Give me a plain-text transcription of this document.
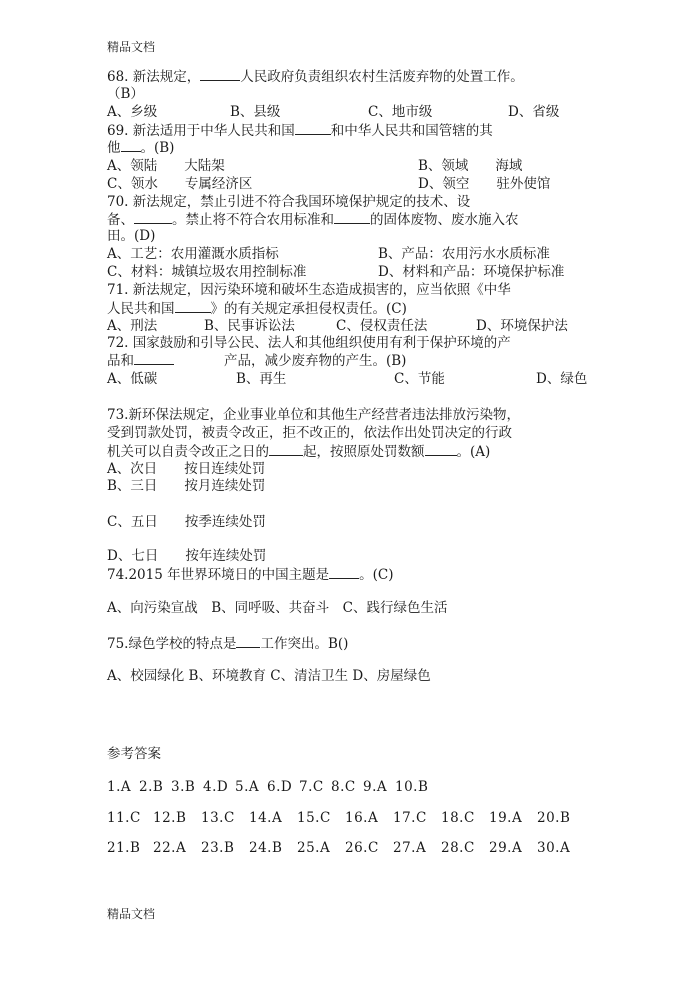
精品文档
68. 新法规定，	人民政府负责组织农村生活废弃物的处置工作。
（B）
A、乡级	B、县级	C、地市级	D、省级
69. 新法适用于中华人民共和国	和中华人民共和国管辖的其
他 。(B)
A、领陆　　大陆架	B、领域　　海域
C、领水　　专属经济区	D、领空　　驻外使馆
70. 新法规定，禁止引进不符合我国环境保护规定的技术、设
备、	。禁止将不符合农用标准和	的固体废物、废水施入农
田。(D)
A、工艺：农用灌溉水质指标	B、产品：农用污水水质标准
C、材料：城镇垃圾农用控制标准	D、材料和产品：环境保护标准
71. 新法规定，因污染环境和破坏生态造成损害的，应当依照《中华
人民共和国	》的有关规定承担侵权责任。(C)
A、刑法	B、民事诉讼法	C、侵权责任法	D、环境保护法
72. 国家鼓励和引导公民、法人和其他组织使用有利于保护环境的产
品和	产品，减少废弃物的产生。(B)
A、低碳	B、再生	C、节能	D、绿色
73.新环保法规定，企业事业单位和其他生产经营者违法排放污染物，
受到罚款处罚，被责令改正，拒不改正的，依法作出处罚决定的行政
机关可以自责令改正之日的	起，按照原处罚数额 。(A)
A、次日　　按日连续处罚
B、三日　　按月连续处罚
C、五日　　按季连续处罚
D、七日　　按年连续处罚
74.2015 年世界环境日的中国主题是 。(C)
A、向污染宣战　B、同呼吸、共奋斗　C、践行绿色生活
75.绿色学校的特点是 工作突出。B()
A、校园绿化 B、环境教育 C、清洁卫生 D、房屋绿色
参考答案
1.A 2.B 3.B 4.D 5.A 6.D 7.C 8.C 9.A 10.B
11.C 12.B 13.C 14.A 15.C 16.A 17.C 18.C 19.A 20.B
21.B 22.A 23.B 24.B 25.A 26.C 27.A 28.C 29.A 30.A
精品文档
